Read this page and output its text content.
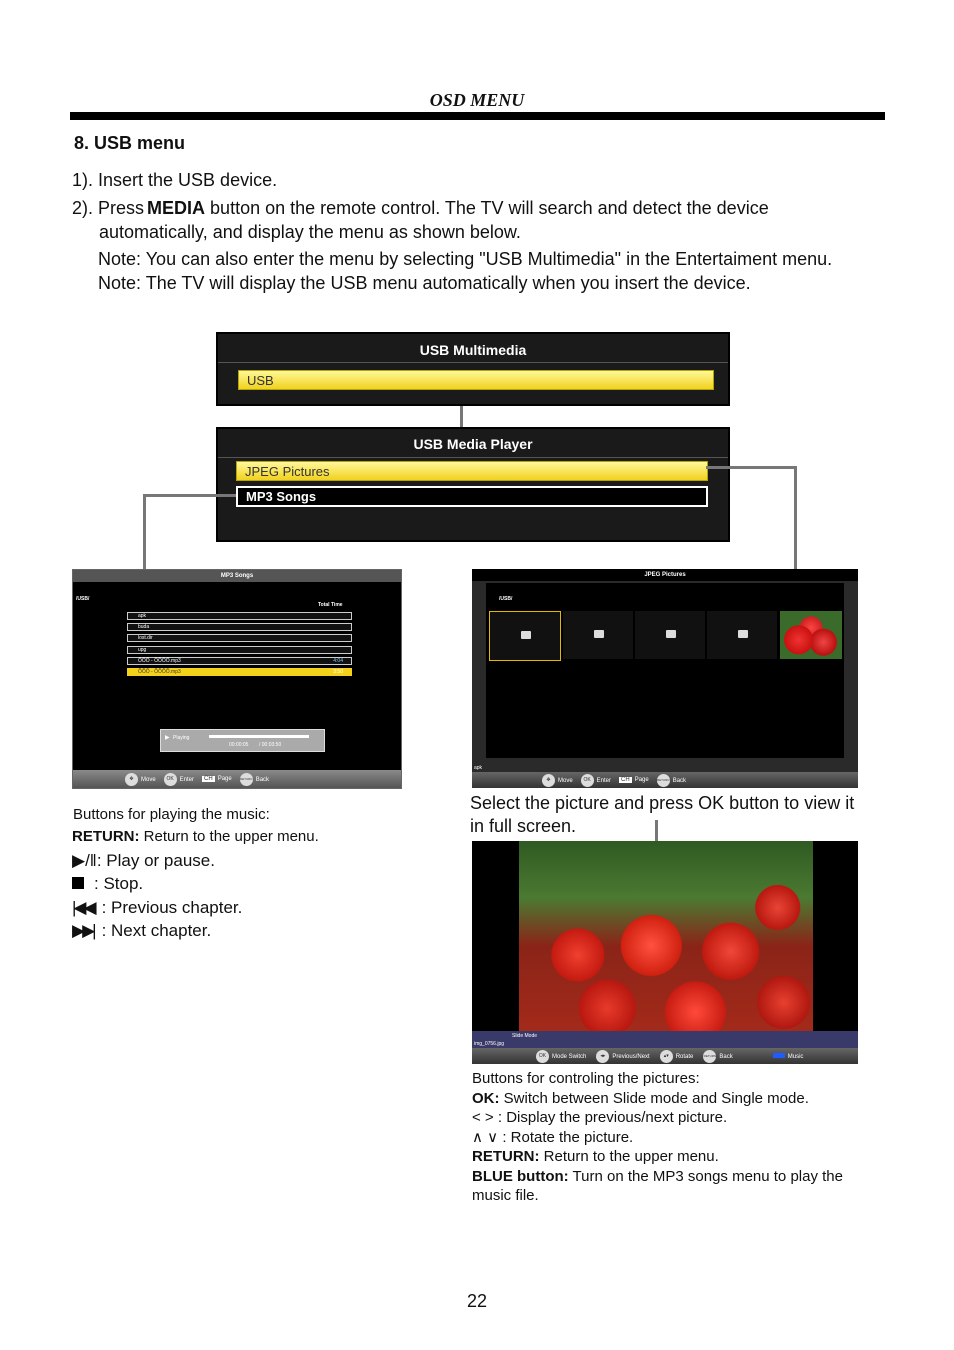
OSD MENU
8. USB menu
1). Insert the USB device.
2). Press MEDIA button on the remote control. The TV will search and detect the device
automatically, and display the menu as shown below.
Note: You can also enter the menu by selecting "USB Multimedia" in the Entertaiment menu.
Note: The TV will display the USB menu automatically when you insert the device.
USB Multimedia
USB
USB Media Player
JPEG Pictures
MP3 Songs
MP3 Songs
/USB/
Total Time
apk
buda
lost.dir
upg
ÕÕÕ - ÕÕÕÕ.mp3	4:04
ÕÕÕ - ÕÕÕÕ.mp3	3:50
▶ Playing
00:00:05 / 00:03:50
✥ Move	OK Enter	CH Page	RETURN Back
JPEG Pictures
/USB/
apk
✥ Move	OK Enter	CH Page	RETURN Back
Buttons for playing the music:
RETURN: Return to the upper menu.
▶/‖: Play or pause.
: Stop.
|◀◀ : Previous chapter.
▶▶| : Next chapter.
Select the picture and press OK button to view it
in full screen.
Slide Mode
img_0756.jpg
OK Mode Switch	◂▸ Previous/Next	▴▾ Rotate	RETURN Back	Music
Buttons for controling the pictures:
OK: Switch between Slide mode and Single mode.
< > : Display the previous/next picture.
∧ ∨ : Rotate the picture.
RETURN: Return to the upper menu.
BLUE button: Turn on the MP3 songs menu to play the
music file.
22
